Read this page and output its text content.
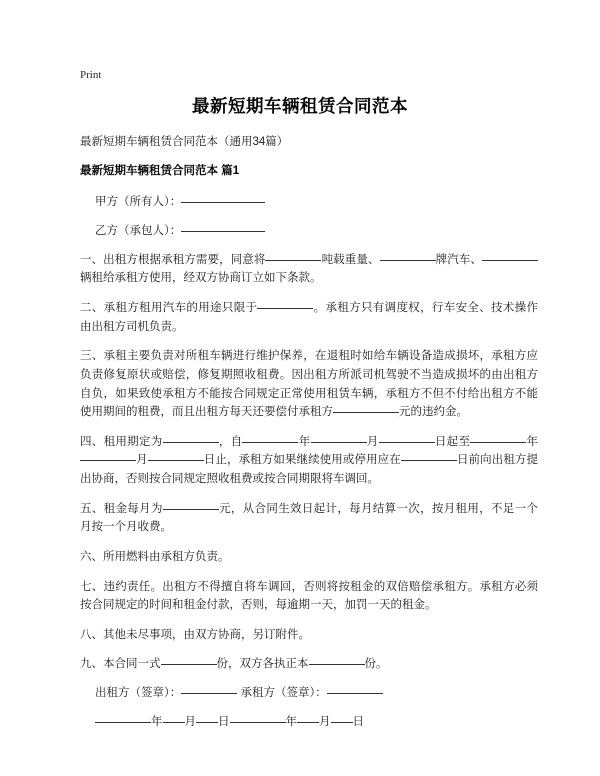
Print
最新短期车辆租赁合同范本

最新短期车辆租赁合同范本（通用34篇）

最新短期车辆租赁合同范本 篇1

甲方（所有人）：

乙方（承包人）：

一、出租方根据承租方需要，同意将	吨载重量、	牌汽车、辆租给承租方使用，经双方协商订立如下条款。

二、承租方租用汽车的用途只限于	。承租方只有调度权，行车安全、技术操作由出租方司机负责。

三、承租主要负责对所租车辆进行维护保养，在退租时如给车辆设备造成损坏，承租方应负责修复原状或赔偿，修复期照收租费。因出租方所派司机驾驶不当造成损坏的由出租方自负，如果致使承租方不能按合同规定正常使用租赁车辆，承租方不但不付给出租方不能使用期间的租费，而且出租方每天还要偿付承租方	元的违约金。

四、租用期定为	，自	年	月	日起至	年月	日止，承租方如果继续使用或停用应在	日前向出租方提出协商，否则按合同规定照收租费或按合同期限将车调回。

五、租金每月为	元，从合同生效日起计，每月结算一次，按月租用，不足一个月按一个月收费。

六、所用燃料由承租方负责。

七、违约责任。出租方不得擅自将车调回，否则将按租金的双倍赔偿承租方。承租方必须按合同规定的时间和租金付款，否则，每逾期一天，加罚一天的租金。

八、其他未尽事项，由双方协商，另订附件。

九、本合同一式	份，双方各执正本	份。

出租方（签章）：	承租方（签章）：

年 月 日	年 月 日
